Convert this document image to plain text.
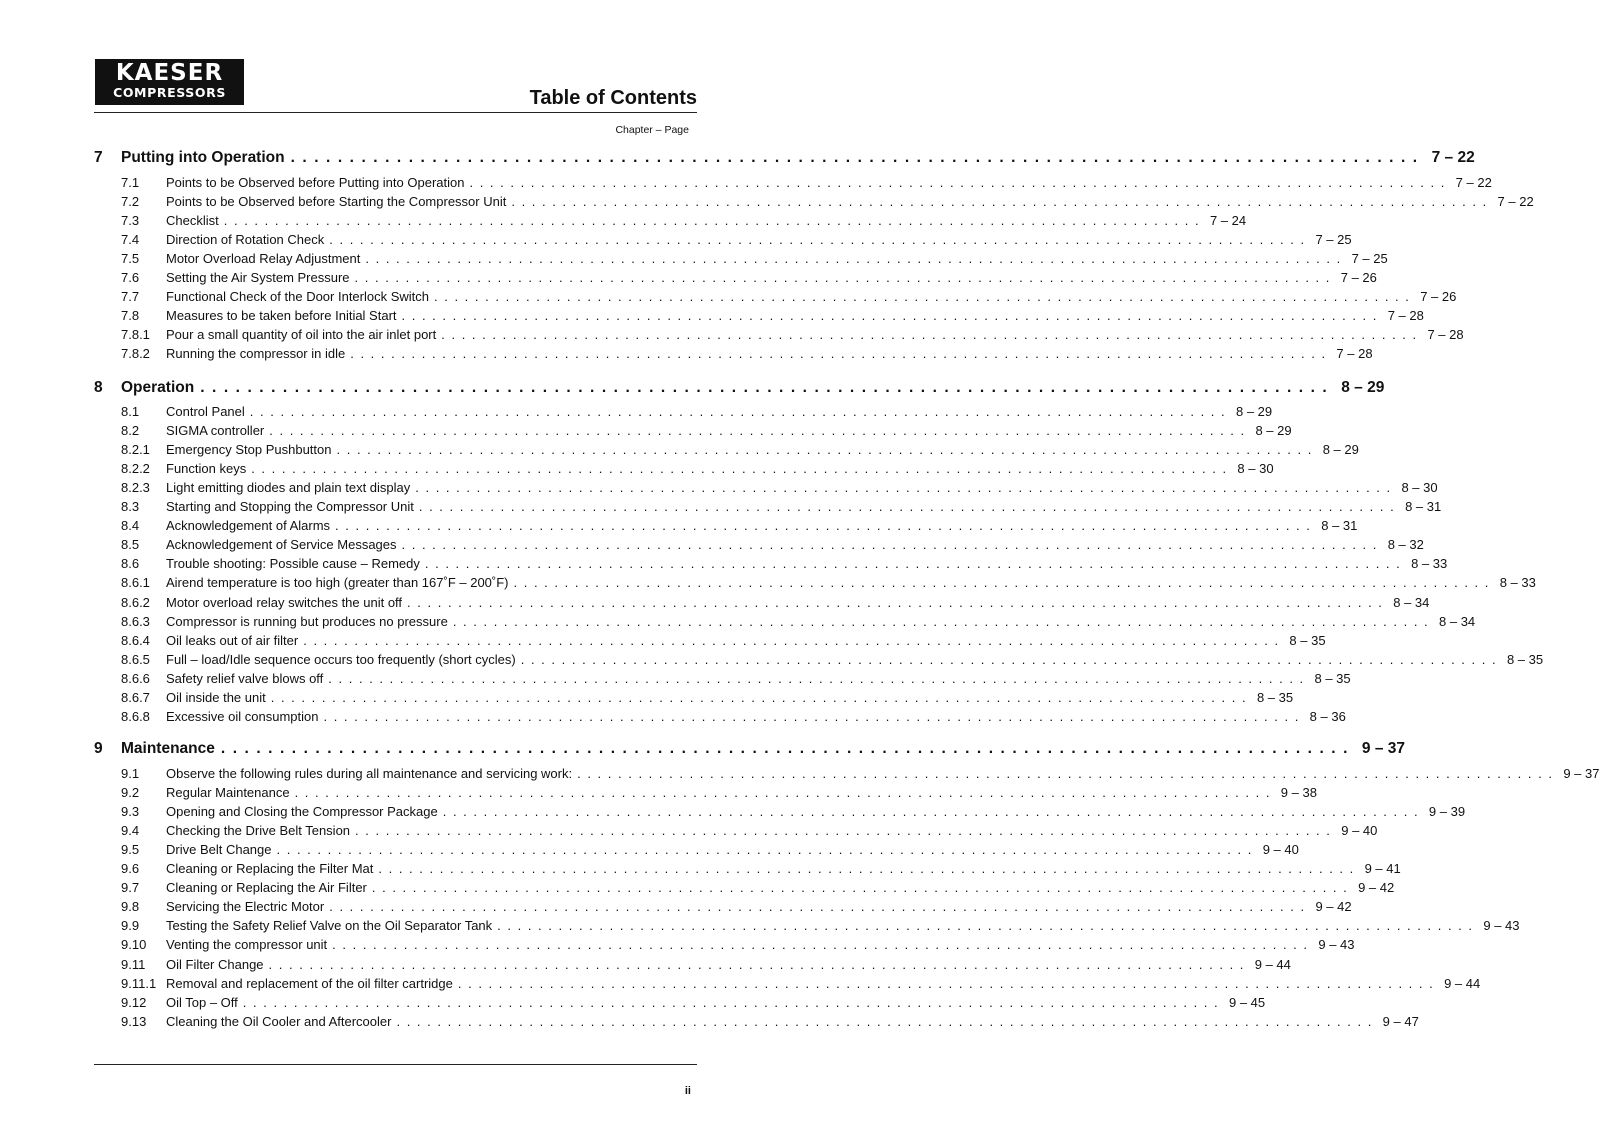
KAESER
COMPRESSORS	Table of Contents
Chapter – Page
7	Putting into Operation . . . . . . . . . . . . . . . . . . . . . . . . . . . . . . . . . . . . . . . . . . . . . . . . . . . . . . . . . . . . . . . . . . . . . . . . . . . . . . . . . . . . . . . . . . . . . . . . 7 – 22
7.1	Points to be Observed before Putting into Operation . . . . . . . . . . . . . . . . . . . . . . . . . . . . . . . . . . . . . . . . . . . . . . . . . . . . . . . . . . . . . . . . . . . . . . . . . . . . . . . . . . . . . . . . . . . . . . . . 7 – 22
7.2	Points to be Observed before Starting the Compressor Unit . . . . . . . . . . . . . . . . . . . . . . . . . . . . . . . . . . . . . . . . . . . . . . . . . . . . . . . . . . . . . . . . . . . . . . . . . . . . . . . . . . . . . . . . . . . . . . . . 7 – 22
7.3	Checklist . . . . . . . . . . . . . . . . . . . . . . . . . . . . . . . . . . . . . . . . . . . . . . . . . . . . . . . . . . . . . . . . . . . . . . . . . . . . . . . . . . . . . . . . . . . . . . . . 7 – 24
7.4	Direction of Rotation Check . . . . . . . . . . . . . . . . . . . . . . . . . . . . . . . . . . . . . . . . . . . . . . . . . . . . . . . . . . . . . . . . . . . . . . . . . . . . . . . . . . . . . . . . . . . . . . . . 7 – 25
7.5	Motor Overload Relay Adjustment . . . . . . . . . . . . . . . . . . . . . . . . . . . . . . . . . . . . . . . . . . . . . . . . . . . . . . . . . . . . . . . . . . . . . . . . . . . . . . . . . . . . . . . . . . . . . . . . 7 – 25
7.6	Setting the Air System Pressure . . . . . . . . . . . . . . . . . . . . . . . . . . . . . . . . . . . . . . . . . . . . . . . . . . . . . . . . . . . . . . . . . . . . . . . . . . . . . . . . . . . . . . . . . . . . . . . . 7 – 26
7.7	Functional Check of the Door Interlock Switch . . . . . . . . . . . . . . . . . . . . . . . . . . . . . . . . . . . . . . . . . . . . . . . . . . . . . . . . . . . . . . . . . . . . . . . . . . . . . . . . . . . . . . . . . . . . . . . . 7 – 26
7.8	Measures to be taken before Initial Start . . . . . . . . . . . . . . . . . . . . . . . . . . . . . . . . . . . . . . . . . . . . . . . . . . . . . . . . . . . . . . . . . . . . . . . . . . . . . . . . . . . . . . . . . . . . . . . . 7 – 28
7.8.1	Pour a small quantity of oil into the air inlet port . . . . . . . . . . . . . . . . . . . . . . . . . . . . . . . . . . . . . . . . . . . . . . . . . . . . . . . . . . . . . . . . . . . . . . . . . . . . . . . . . . . . . . . . . . . . . . . . 7 – 28
7.8.2	Running the compressor in idle . . . . . . . . . . . . . . . . . . . . . . . . . . . . . . . . . . . . . . . . . . . . . . . . . . . . . . . . . . . . . . . . . . . . . . . . . . . . . . . . . . . . . . . . . . . . . . . . 7 – 28
8	Operation . . . . . . . . . . . . . . . . . . . . . . . . . . . . . . . . . . . . . . . . . . . . . . . . . . . . . . . . . . . . . . . . . . . . . . . . . . . . . . . . . . . . . . . . . . . . . . . . 8 – 29
8.1	Control Panel . . . . . . . . . . . . . . . . . . . . . . . . . . . . . . . . . . . . . . . . . . . . . . . . . . . . . . . . . . . . . . . . . . . . . . . . . . . . . . . . . . . . . . . . . . . . . . . . 8 – 29
8.2	SIGMA controller . . . . . . . . . . . . . . . . . . . . . . . . . . . . . . . . . . . . . . . . . . . . . . . . . . . . . . . . . . . . . . . . . . . . . . . . . . . . . . . . . . . . . . . . . . . . . . . . 8 – 29
8.2.1	Emergency Stop Pushbutton . . . . . . . . . . . . . . . . . . . . . . . . . . . . . . . . . . . . . . . . . . . . . . . . . . . . . . . . . . . . . . . . . . . . . . . . . . . . . . . . . . . . . . . . . . . . . . . . 8 – 29
8.2.2	Function keys . . . . . . . . . . . . . . . . . . . . . . . . . . . . . . . . . . . . . . . . . . . . . . . . . . . . . . . . . . . . . . . . . . . . . . . . . . . . . . . . . . . . . . . . . . . . . . . . 8 – 30
8.2.3	Light emitting diodes and plain text display . . . . . . . . . . . . . . . . . . . . . . . . . . . . . . . . . . . . . . . . . . . . . . . . . . . . . . . . . . . . . . . . . . . . . . . . . . . . . . . . . . . . . . . . . . . . . . . . 8 – 30
8.3	Starting and Stopping the Compressor Unit . . . . . . . . . . . . . . . . . . . . . . . . . . . . . . . . . . . . . . . . . . . . . . . . . . . . . . . . . . . . . . . . . . . . . . . . . . . . . . . . . . . . . . . . . . . . . . . . 8 – 31
8.4	Acknowledgement of Alarms . . . . . . . . . . . . . . . . . . . . . . . . . . . . . . . . . . . . . . . . . . . . . . . . . . . . . . . . . . . . . . . . . . . . . . . . . . . . . . . . . . . . . . . . . . . . . . . . 8 – 31
8.5	Acknowledgement of Service Messages . . . . . . . . . . . . . . . . . . . . . . . . . . . . . . . . . . . . . . . . . . . . . . . . . . . . . . . . . . . . . . . . . . . . . . . . . . . . . . . . . . . . . . . . . . . . . . . . 8 – 32
8.6	Trouble shooting: Possible cause – Remedy . . . . . . . . . . . . . . . . . . . . . . . . . . . . . . . . . . . . . . . . . . . . . . . . . . . . . . . . . . . . . . . . . . . . . . . . . . . . . . . . . . . . . . . . . . . . . . . . 8 – 33
8.6.1	Airend temperature is too high (greater than 167˚F – 200˚F) . . . . . . . . . . . . . . . . . . . . . . . . . . . . . . . . . . . . . . . . . . . . . . . . . . . . . . . . . . . . . . . . . . . . . . . . . . . . . . . . . . . . . . . . . . . . . . . . 8 – 33
8.6.2	Motor overload relay switches the unit off . . . . . . . . . . . . . . . . . . . . . . . . . . . . . . . . . . . . . . . . . . . . . . . . . . . . . . . . . . . . . . . . . . . . . . . . . . . . . . . . . . . . . . . . . . . . . . . . 8 – 34
8.6.3	Compressor is running but produces no pressure . . . . . . . . . . . . . . . . . . . . . . . . . . . . . . . . . . . . . . . . . . . . . . . . . . . . . . . . . . . . . . . . . . . . . . . . . . . . . . . . . . . . . . . . . . . . . . . . 8 – 34
8.6.4	Oil leaks out of air filter . . . . . . . . . . . . . . . . . . . . . . . . . . . . . . . . . . . . . . . . . . . . . . . . . . . . . . . . . . . . . . . . . . . . . . . . . . . . . . . . . . . . . . . . . . . . . . . . 8 – 35
8.6.5	Full – load/Idle sequence occurs too frequently (short cycles) . . . . . . . . . . . . . . . . . . . . . . . . . . . . . . . . . . . . . . . . . . . . . . . . . . . . . . . . . . . . . . . . . . . . . . . . . . . . . . . . . . . . . . . . . . . . . . . . 8 – 35
8.6.6	Safety relief valve blows off . . . . . . . . . . . . . . . . . . . . . . . . . . . . . . . . . . . . . . . . . . . . . . . . . . . . . . . . . . . . . . . . . . . . . . . . . . . . . . . . . . . . . . . . . . . . . . . . 8 – 35
8.6.7	Oil inside the unit . . . . . . . . . . . . . . . . . . . . . . . . . . . . . . . . . . . . . . . . . . . . . . . . . . . . . . . . . . . . . . . . . . . . . . . . . . . . . . . . . . . . . . . . . . . . . . . . 8 – 35
8.6.8	Excessive oil consumption . . . . . . . . . . . . . . . . . . . . . . . . . . . . . . . . . . . . . . . . . . . . . . . . . . . . . . . . . . . . . . . . . . . . . . . . . . . . . . . . . . . . . . . . . . . . . . . . 8 – 36
9	Maintenance . . . . . . . . . . . . . . . . . . . . . . . . . . . . . . . . . . . . . . . . . . . . . . . . . . . . . . . . . . . . . . . . . . . . . . . . . . . . . . . . . . . . . . . . . . . . . . . . 9 – 37
9.1	Observe the following rules during all maintenance and servicing work: . . . . . . . . . . . . . . . . . . . . . . . . . . . . . . . . . . . . . . . . . . . . . . . . . . . . . . . . . . . . . . . . . . . . . . . . . . . . . . . . . . . . . . . . . . . . . . . . 9 – 37
9.2	Regular Maintenance . . . . . . . . . . . . . . . . . . . . . . . . . . . . . . . . . . . . . . . . . . . . . . . . . . . . . . . . . . . . . . . . . . . . . . . . . . . . . . . . . . . . . . . . . . . . . . . . 9 – 38
9.3	Opening and Closing the Compressor Package . . . . . . . . . . . . . . . . . . . . . . . . . . . . . . . . . . . . . . . . . . . . . . . . . . . . . . . . . . . . . . . . . . . . . . . . . . . . . . . . . . . . . . . . . . . . . . . . 9 – 39
9.4	Checking the Drive Belt Tension . . . . . . . . . . . . . . . . . . . . . . . . . . . . . . . . . . . . . . . . . . . . . . . . . . . . . . . . . . . . . . . . . . . . . . . . . . . . . . . . . . . . . . . . . . . . . . . . 9 – 40
9.5	Drive Belt Change . . . . . . . . . . . . . . . . . . . . . . . . . . . . . . . . . . . . . . . . . . . . . . . . . . . . . . . . . . . . . . . . . . . . . . . . . . . . . . . . . . . . . . . . . . . . . . . . 9 – 40
9.6	Cleaning or Replacing the Filter Mat . . . . . . . . . . . . . . . . . . . . . . . . . . . . . . . . . . . . . . . . . . . . . . . . . . . . . . . . . . . . . . . . . . . . . . . . . . . . . . . . . . . . . . . . . . . . . . . . 9 – 41
9.7	Cleaning or Replacing the Air Filter . . . . . . . . . . . . . . . . . . . . . . . . . . . . . . . . . . . . . . . . . . . . . . . . . . . . . . . . . . . . . . . . . . . . . . . . . . . . . . . . . . . . . . . . . . . . . . . . 9 – 42
9.8	Servicing the Electric Motor . . . . . . . . . . . . . . . . . . . . . . . . . . . . . . . . . . . . . . . . . . . . . . . . . . . . . . . . . . . . . . . . . . . . . . . . . . . . . . . . . . . . . . . . . . . . . . . . 9 – 42
9.9	Testing the Safety Relief Valve on the Oil Separator Tank . . . . . . . . . . . . . . . . . . . . . . . . . . . . . . . . . . . . . . . . . . . . . . . . . . . . . . . . . . . . . . . . . . . . . . . . . . . . . . . . . . . . . . . . . . . . . . . . 9 – 43
9.10	Venting the compressor unit . . . . . . . . . . . . . . . . . . . . . . . . . . . . . . . . . . . . . . . . . . . . . . . . . . . . . . . . . . . . . . . . . . . . . . . . . . . . . . . . . . . . . . . . . . . . . . . . 9 – 43
9.11	Oil Filter Change . . . . . . . . . . . . . . . . . . . . . . . . . . . . . . . . . . . . . . . . . . . . . . . . . . . . . . . . . . . . . . . . . . . . . . . . . . . . . . . . . . . . . . . . . . . . . . . . 9 – 44
9.11.1 Removal and replacement of the oil filter cartridge . . . . . . . . . . . . . . . . . . . . . . . . . . . . . . . . . . . . . . . . . . . . . . . . . . . . . . . . . . . . . . . . . . . . . . . . . . . . . . . . . . . . . . . . . . . . . . . . 9 – 44
9.12	Oil Top – Off . . . . . . . . . . . . . . . . . . . . . . . . . . . . . . . . . . . . . . . . . . . . . . . . . . . . . . . . . . . . . . . . . . . . . . . . . . . . . . . . . . . . . . . . . . . . . . . . 9 – 45
9.13	Cleaning the Oil Cooler and Aftercooler . . . . . . . . . . . . . . . . . . . . . . . . . . . . . . . . . . . . . . . . . . . . . . . . . . . . . . . . . . . . . . . . . . . . . . . . . . . . . . . . . . . . . . . . . . . . . . . . 9 – 47
ii
